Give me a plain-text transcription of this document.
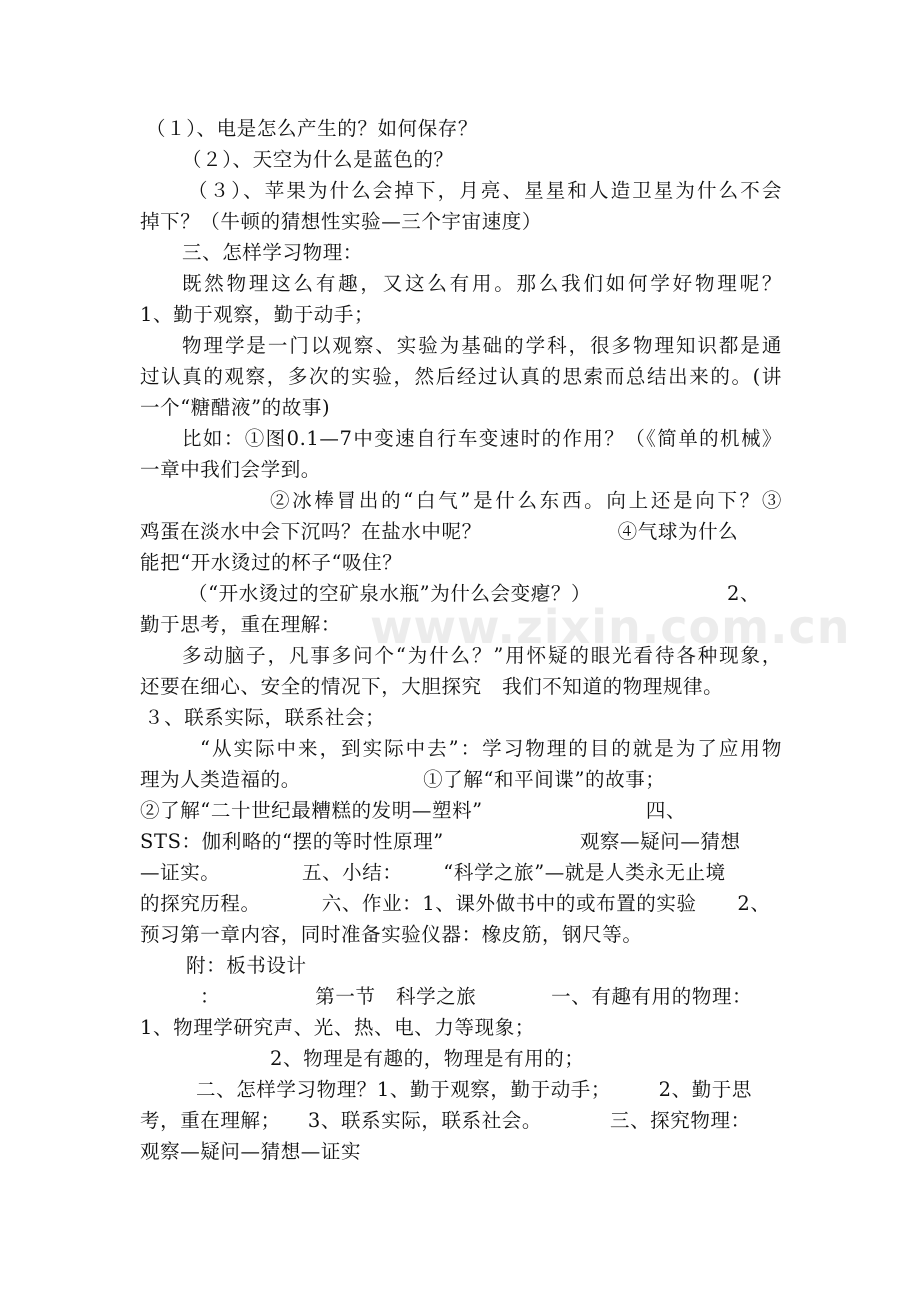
www.zixin.com.cn
（１）、电是怎么产生的？如何保存？
（２）、天空为什么是蓝色的？
（３）、苹果为什么会掉下，月亮、星星和人造卫星为什么不会
掉下？（牛顿的猜想性实验—三个宇宙速度）
三、怎样学习物理：
既然物理这么有趣，又这么有用。那么我们如何学好物理呢？
1、勤于观察，勤于动手；
物理学是一门以观察、实验为基础的学科，很多物理知识都是通
过认真的观察，多次的实验，然后经过认真的思索而总结出来的。(讲
一个“糖醋液”的故事)
比如：①图0.1—7中变速自行车变速时的作用？（《简单的机械》
一章中我们会学到。
②冰棒冒出的“白气”是什么东西。向上还是向下？③
鸡蛋在淡水中会下沉吗？在盐水中呢？                    ④气球为什么
能把“开水烫过的杯子“吸住？
（“开水烫过的空矿泉水瓶”为什么会变瘪？）                    2、
勤于思考，重在理解：
多动脑子，凡事多问个“为什么？”用怀疑的眼光看待各种现象，
还要在细心、安全的情况下，大胆探究   我们不知道的物理规律。
３、联系实际，联系社会；
“从实际中来，到实际中去”：学习物理的目的就是为了应用物
理为人类造福的。                  ①了解“和平间谍”的故事；
②了解“二十世纪最糟糕的发明—塑料”                        四、
STS：伽利略的“摆的等时性原理”                    观察—疑问—猜想
—证实。            五、小结：      “科学之旅”—就是人类永无止境
的探究历程。         六、作业：1、课外做书中的或布置的实验      2、
预习第一章内容，同时准备实验仪器：橡皮筋，钢尺等。
附：板书设计
：              第一节   科学之旅           一、有趣有用的物理：
1、物理学研究声、光、热、电、力等现象；
2、物理是有趣的，物理是有用的；
二、怎样学习物理？1、勤于观察，勤于动手；       2、勤于思
考，重在理解；    3、联系实际，联系社会。          三、探究物理：
观察—疑问—猜想—证实
